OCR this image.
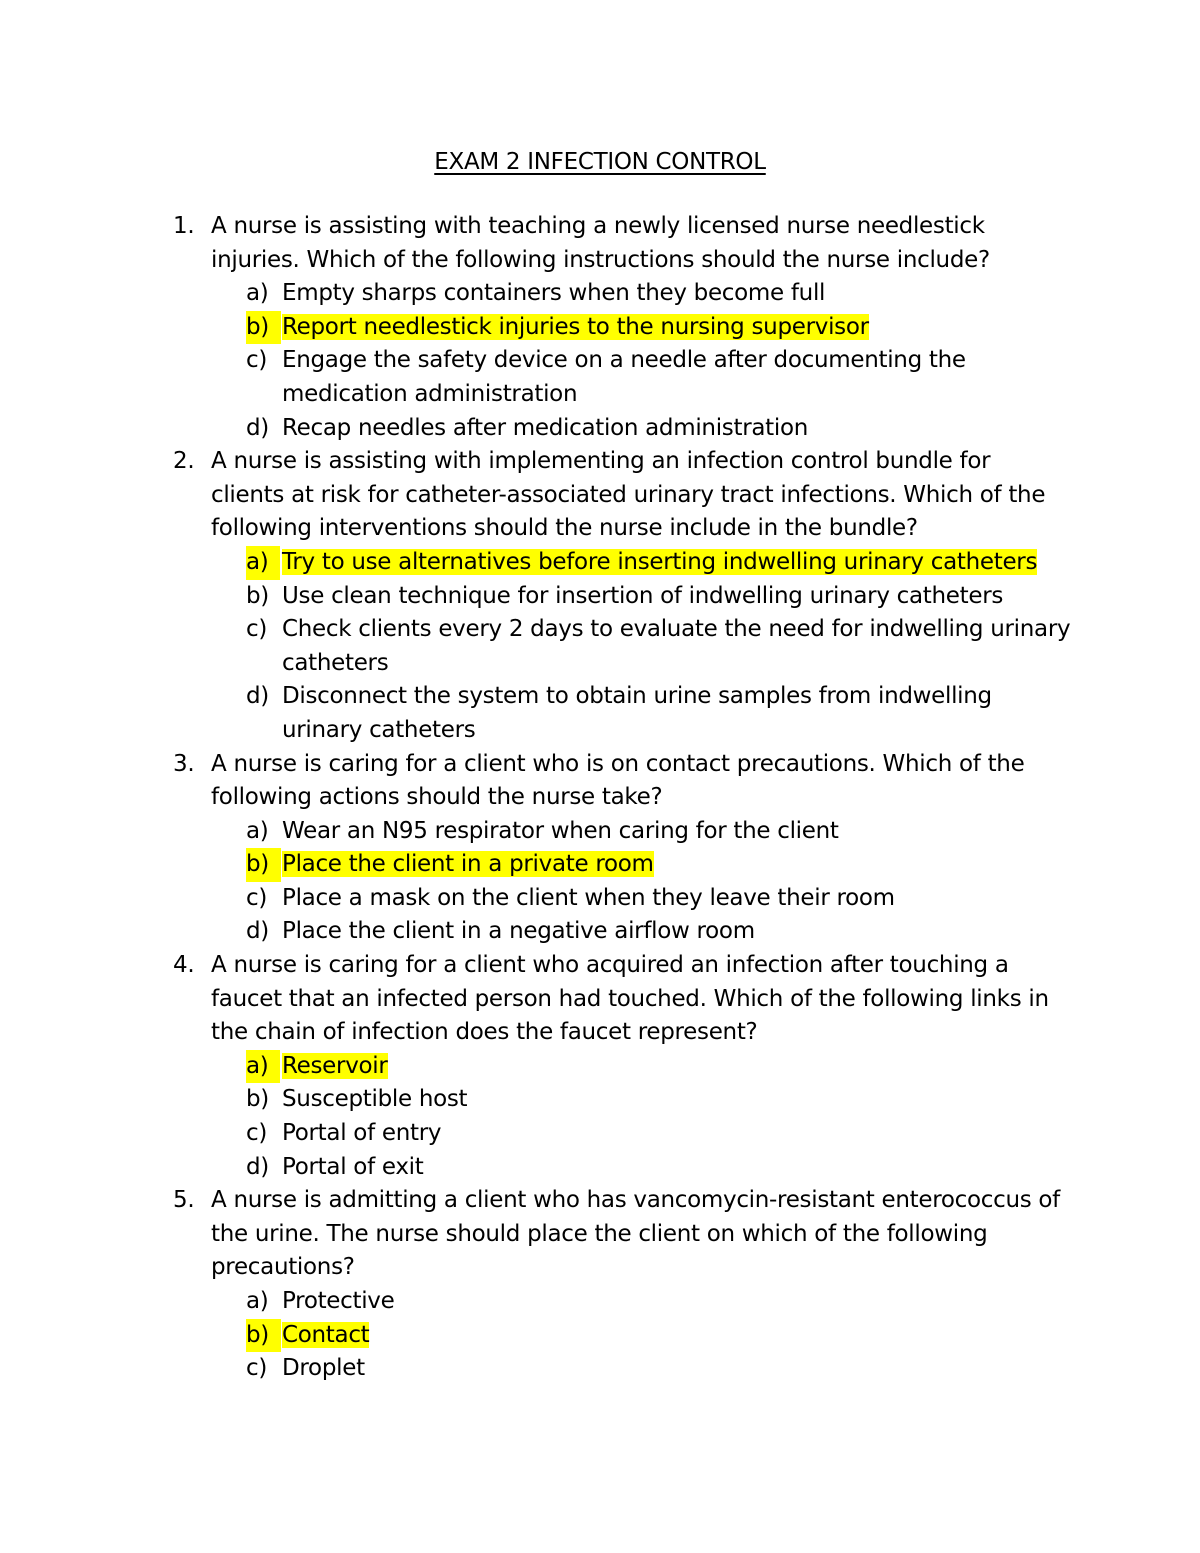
EXAM 2 INFECTION CONTROL
1. A nurse is assisting with teaching a newly licensed nurse needlestick injuries. Which of the following instructions should the nurse include?
a) Empty sharps containers when they become full
b) Report needlestick injuries to the nursing supervisor
c) Engage the safety device on a needle after documenting the medication administration
d) Recap needles after medication administration
2. A nurse is assisting with implementing an infection control bundle for clients at risk for catheter-associated urinary tract infections. Which of the following interventions should the nurse include in the bundle?
a) Try to use alternatives before inserting indwelling urinary catheters
b) Use clean technique for insertion of indwelling urinary catheters
c) Check clients every 2 days to evaluate the need for indwelling urinary catheters
d) Disconnect the system to obtain urine samples from indwelling urinary catheters
3. A nurse is caring for a client who is on contact precautions. Which of the following actions should the nurse take?
a) Wear an N95 respirator when caring for the client
b) Place the client in a private room
c) Place a mask on the client when they leave their room
d) Place the client in a negative airflow room
4. A nurse is caring for a client who acquired an infection after touching a faucet that an infected person had touched. Which of the following links in the chain of infection does the faucet represent?
a) Reservoir
b) Susceptible host
c) Portal of entry
d) Portal of exit
5. A nurse is admitting a client who has vancomycin-resistant enterococcus of the urine. The nurse should place the client on which of the following precautions?
a) Protective
b) Contact
c) Droplet
